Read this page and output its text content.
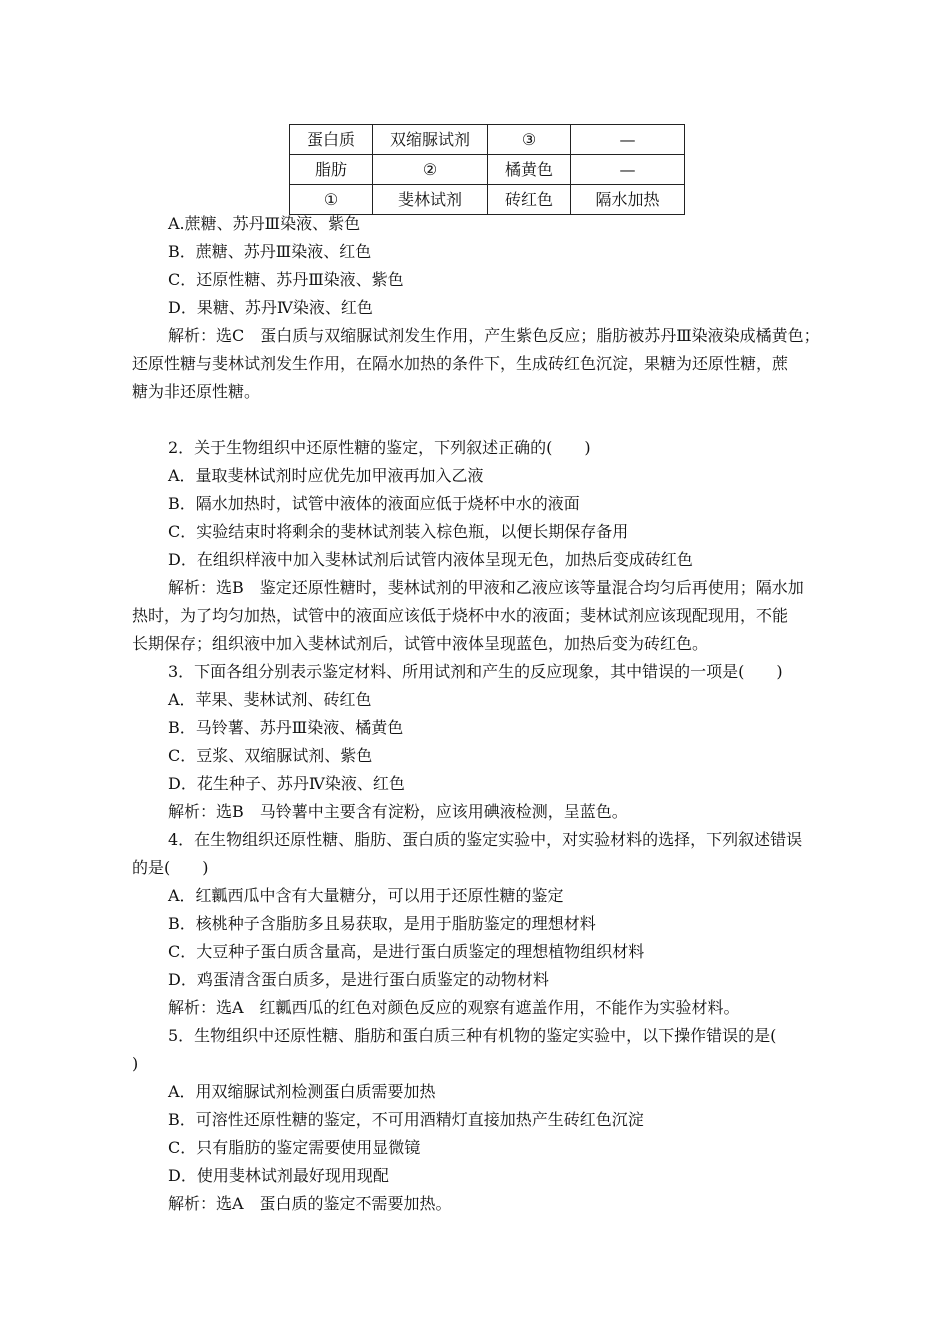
蛋白质	双缩脲试剂	③	—
脂肪	②	橘黄色	—
①	斐林试剂	砖红色	隔水加热
A.蔗糖、苏丹Ⅲ染液、紫色
B．蔗糖、苏丹Ⅲ染液、红色
C．还原性糖、苏丹Ⅲ染液、紫色
D．果糖、苏丹Ⅳ染液、红色
解析：选C　蛋白质与双缩脲试剂发生作用，产生紫色反应；脂肪被苏丹Ⅲ染液染成橘黄色；
还原性糖与斐林试剂发生作用，在隔水加热的条件下，生成砖红色沉淀，果糖为还原性糖，蔗
糖为非还原性糖。
2．关于生物组织中还原性糖的鉴定，下列叙述正确的(　　)
A．量取斐林试剂时应优先加甲液再加入乙液
B．隔水加热时，试管中液体的液面应低于烧杯中水的液面
C．实验结束时将剩余的斐林试剂装入棕色瓶，以便长期保存备用
D．在组织样液中加入斐林试剂后试管内液体呈现无色，加热后变成砖红色
解析：选B　鉴定还原性糖时，斐林试剂的甲液和乙液应该等量混合均匀后再使用；隔水加
热时，为了均匀加热，试管中的液面应该低于烧杯中水的液面；斐林试剂应该现配现用，不能
长期保存；组织液中加入斐林试剂后，试管中液体呈现蓝色，加热后变为砖红色。
3．下面各组分别表示鉴定材料、所用试剂和产生的反应现象，其中错误的一项是(　　)
A．苹果、斐林试剂、砖红色
B．马铃薯、苏丹Ⅲ染液、橘黄色
C．豆浆、双缩脲试剂、紫色
D．花生种子、苏丹Ⅳ染液、红色
解析：选B　马铃薯中主要含有淀粉，应该用碘液检测，呈蓝色。
4．在生物组织还原性糖、脂肪、蛋白质的鉴定实验中，对实验材料的选择，下列叙述错误
的是(　　)
A．红瓤西瓜中含有大量糖分，可以用于还原性糖的鉴定
B．核桃种子含脂肪多且易获取，是用于脂肪鉴定的理想材料
C．大豆种子蛋白质含量高，是进行蛋白质鉴定的理想植物组织材料
D．鸡蛋清含蛋白质多，是进行蛋白质鉴定的动物材料
解析：选A　红瓤西瓜的红色对颜色反应的观察有遮盖作用，不能作为实验材料。
5．生物组织中还原性糖、脂肪和蛋白质三种有机物的鉴定实验中，以下操作错误的是(
)
A．用双缩脲试剂检测蛋白质需要加热
B．可溶性还原性糖的鉴定，不可用酒精灯直接加热产生砖红色沉淀
C．只有脂肪的鉴定需要使用显微镜
D．使用斐林试剂最好现用现配
解析：选A　蛋白质的鉴定不需要加热。
